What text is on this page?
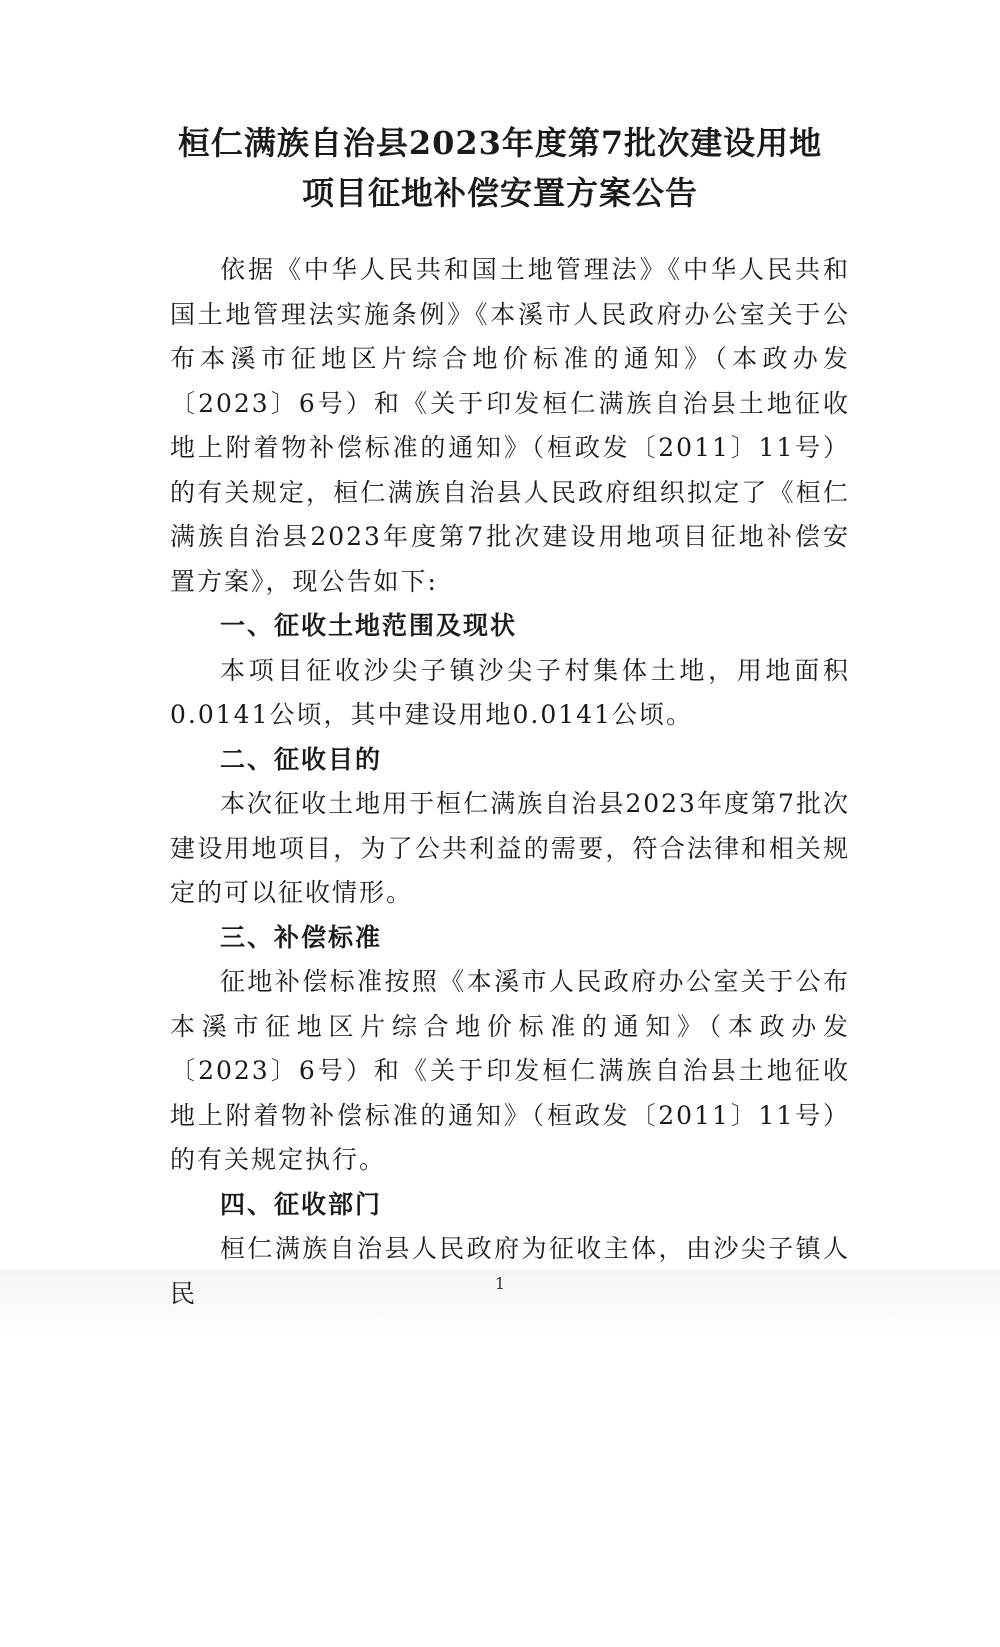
桓仁满族自治县2023年度第7批次建设用地
项目征地补偿安置方案公告

依据《中华人民共和国土地管理法》《中华人民共和国土地管理法实施条例》《本溪市人民政府办公室关于公布本溪市征地区片综合地价标准的通知》（本政办发〔2023〕6号）和《关于印发桓仁满族自治县土地征收地上附着物补偿标准的通知》（桓政发〔2011〕11号）的有关规定，桓仁满族自治县人民政府组织拟定了《桓仁满族自治县2023年度第7批次建设用地项目征地补偿安置方案》，现公告如下:

一、征收土地范围及现状

本项目征收沙尖子镇沙尖子村集体土地，用地面积0.0141公顷，其中建设用地0.0141公顷。

二、征收目的

本次征收土地用于桓仁满族自治县2023年度第7批次建设用地项目，为了公共利益的需要，符合法律和相关规定的可以征收情形。

三、补偿标准

征地补偿标准按照《本溪市人民政府办公室关于公布本溪市征地区片综合地价标准的通知》（本政办发〔2023〕6号）和《关于印发桓仁满族自治县土地征收地上附着物补偿标准的通知》（桓政发〔2011〕11号）的有关规定执行。

四、征收部门

桓仁满族自治县人民政府为征收主体，由沙尖子镇人民	1
